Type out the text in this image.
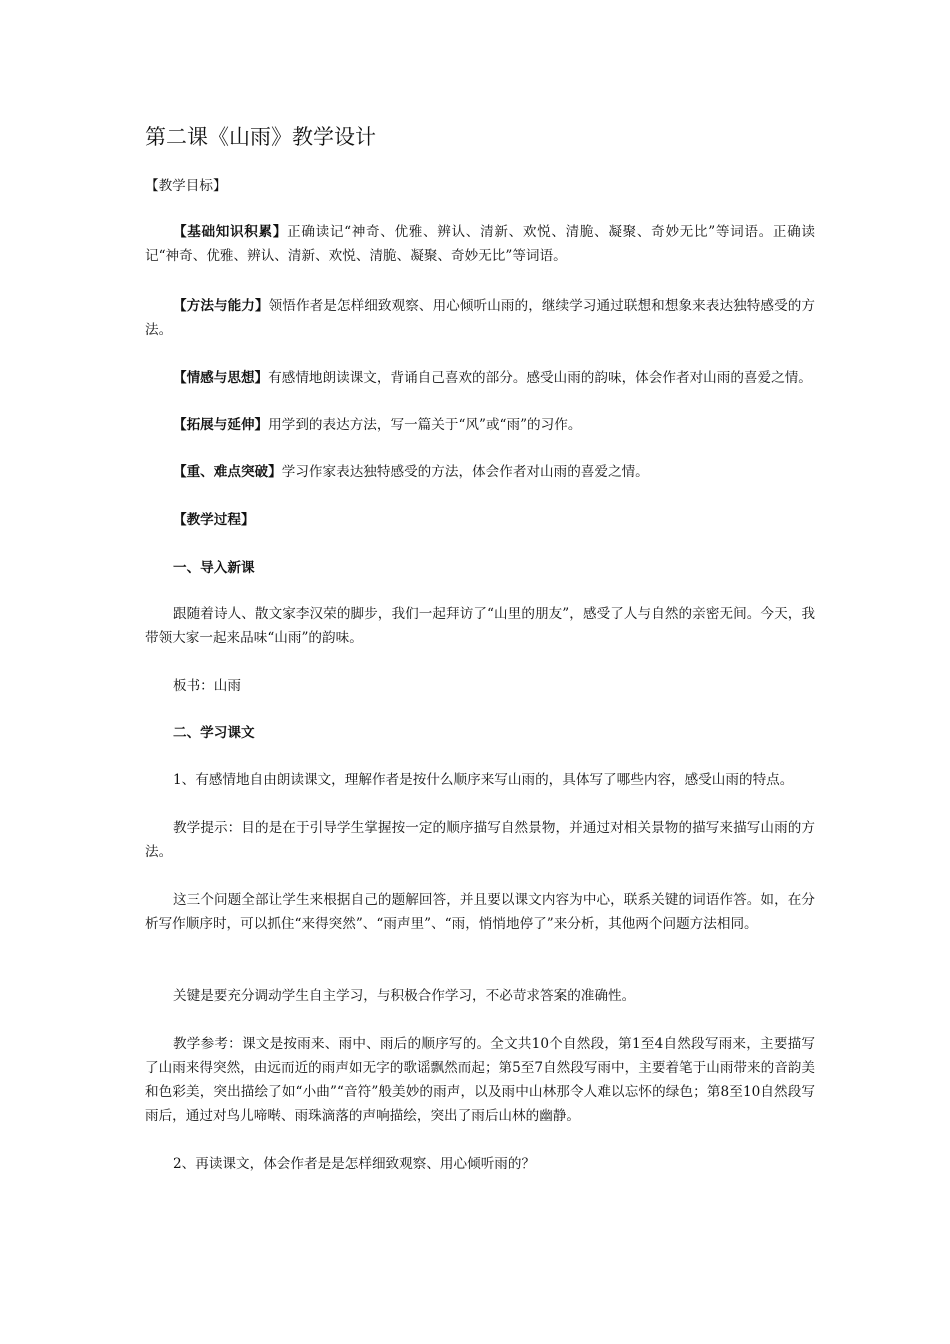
第二课《山雨》教学设计
【教学目标】
【基础知识积累】正确读记“神奇、优雅、辨认、清新、欢悦、清脆、凝聚、奇妙无比”等词语。正确读记“神奇、优雅、辨认、清新、欢悦、清脆、凝聚、奇妙无比”等词语。
【方法与能力】领悟作者是怎样细致观察、用心倾听山雨的，继续学习通过联想和想象来表达独特感受的方法。
【情感与思想】有感情地朗读课文，背诵自己喜欢的部分。感受山雨的韵味，体会作者对山雨的喜爱之情。
【拓展与延伸】用学到的表达方法，写一篇关于“风”或“雨”的习作。
【重、难点突破】学习作家表达独特感受的方法，体会作者对山雨的喜爱之情。
【教学过程】
一、导入新课
跟随着诗人、散文家李汉荣的脚步，我们一起拜访了“山里的朋友”，感受了人与自然的亲密无间。今天，我带领大家一起来品味“山雨”的韵味。
板书：山雨
二、学习课文
1、有感情地自由朗读课文，理解作者是按什么顺序来写山雨的，具体写了哪些内容，感受山雨的特点。
教学提示：目的是在于引导学生掌握按一定的顺序描写自然景物，并通过对相关景物的描写来描写山雨的方法。
这三个问题全部让学生来根据自己的题解回答，并且要以课文内容为中心，联系关键的词语作答。如，在分析写作顺序时，可以抓住“来得突然”、“雨声里”、“雨，悄悄地停了”来分析，其他两个问题方法相同。
关键是要充分调动学生自主学习，与积极合作学习，不必苛求答案的准确性。
教学参考：课文是按雨来、雨中、雨后的顺序写的。全文共10个自然段，第1至4自然段写雨来，主要描写了山雨来得突然，由远而近的雨声如无字的歌谣飘然而起；第5至7自然段写雨中，主要着笔于山雨带来的音韵美和色彩美，突出描绘了如“小曲”“音符”般美妙的雨声，以及雨中山林那令人难以忘怀的绿色；第8至10自然段写雨后，通过对鸟儿啼啭、雨珠滴落的声响描绘，突出了雨后山林的幽静。
2、再读课文，体会作者是是怎样细致观察、用心倾听雨的？
